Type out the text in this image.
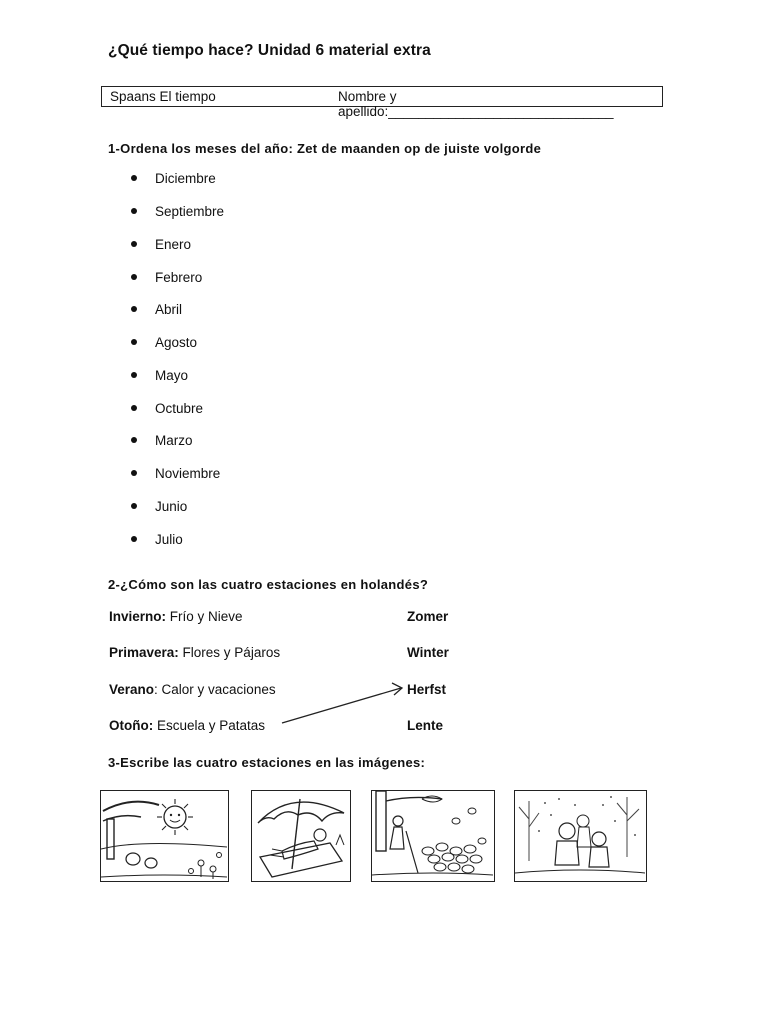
¿Qué tiempo hace? Unidad 6 material extra
Spaans El tiempo	Nombre y apellido:______________________________
1-Ordena los meses del año: Zet de maanden op de juiste volgorde
Diciembre
Septiembre
Enero
Febrero
Abril
Agosto
Mayo
Octubre
Marzo
Noviembre
Junio
Julio
2-¿Cómo son las cuatro estaciones en holandés?
Invierno: Frío y Nieve	Zomer
Primavera: Flores y Pájaros	Winter
Verano: Calor y vacaciones	Herfst
Otoño: Escuela y Patatas	Lente
3-Escribe las cuatro estaciones en las imágenes:
